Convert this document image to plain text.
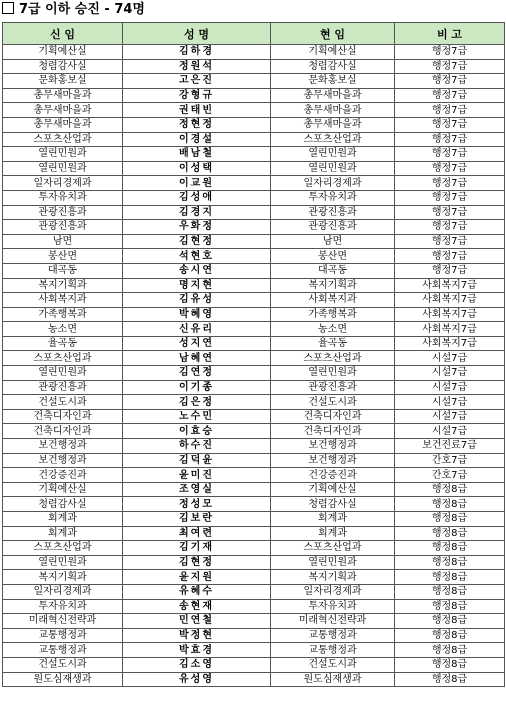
7급 이하 승진 - 74명
신 임	성 명	현 임	비 고
기획예산실	김하경	기획예산실	행정7급
청렴감사실	정원석	청렴감사실	행정7급
문화홍보실	고은진	문화홍보실	행정7급
총무새마을과	강형규	총무새마을과	행정7급
총무새마을과	권태빈	총무새마을과	행정7급
총무새마을과	정현정	총무새마을과	행정7급
스포츠산업과	이경설	스포츠산업과	행정7급
열린민원과	배남철	열린민원과	행정7급
열린민원과	이성택	열린민원과	행정7급
일자리경제과	이교원	일자리경제과	행정7급
투자유치과	김성애	투자유치과	행정7급
관광진흥과	김경지	관광진흥과	행정7급
관광진흥과	우화정	관광진흥과	행정7급
남면	김현정	남면	행정7급
봉산면	석현호	봉산면	행정7급
대곡동	송시연	대곡동	행정7급
복지기획과	명지현	복지기획과	사회복지7급
사회복지과	김유성	사회복지과	사회복지7급
가족행복과	박혜영	가족행복과	사회복지7급
농소면	신유리	농소면	사회복지7급
율곡동	성지연	율곡동	사회복지7급
스포츠산업과	남혜연	스포츠산업과	시설7급
열린민원과	김연정	열린민원과	시설7급
관광진흥과	이기종	관광진흥과	시설7급
건설도시과	김은정	건설도시과	시설7급
건축디자인과	노수민	건축디자인과	시설7급
건축디자인과	이효승	건축디자인과	시설7급
보건행정과	하수진	보건행정과	보건진료7급
보건행정과	김덕윤	보건행정과	간호7급
건강증진과	윤미진	건강증진과	간호7급
기획예산실	조영실	기획예산실	행정8급
청렴감사실	정성모	청렴감사실	행정8급
회계과	김보란	회계과	행정8급
회계과	최여련	회계과	행정8급
스포츠산업과	김기재	스포츠산업과	행정8급
열린민원과	김현정	열린민원과	행정8급
복지기획과	윤지원	복지기획과	행정8급
일자리경제과	유혜수	일자리경제과	행정8급
투자유치과	송현재	투자유치과	행정8급
미래혁신전략과	민연철	미래혁신전략과	행정8급
교통행정과	박정현	교통행정과	행정8급
교통행정과	박효경	교통행정과	행정8급
건설도시과	김소영	건설도시과	행정8급
원도심재생과	유성영	원도심재생과	행정8급
